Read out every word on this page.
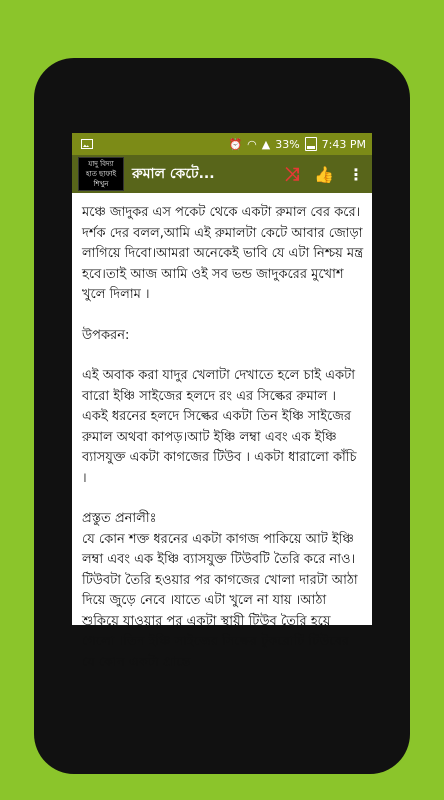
⏰ ◠ ▲ 33% 7:43 PM
যাদু বিদ্যা
হাত ছাফাই
শিখুন
রুমাল কেটে...	⤨ 👍 ⋮

মঞ্চে জাদুকর এস পকেট থেকে একটা রুমাল বের করে।দর্শক দের বলল,আমি এই রুমালটা কেটে আবার জোড়া লাগিয়ে দিবো।আমরা অনেকেই ভাবি যে এটা নিশ্চয় মন্ত্র হবে।তাই আজ আমি ওই সব ভন্ড জাদুকরের মুখোশ খুলে দিলাম ।

উপকরন:

এই অবাক করা যাদুর খেলাটা দেখাতে হলে চাই একটা বারো ইঞ্চি সাইজের হলদে রং এর সিল্কের রুমাল । একই ধরনের হলদে সিল্কের একটা তিন ইঞ্চি সাইজের রুমাল অথবা কাপড়।আট ইঞ্চি লম্বা এবং এক ইঞ্চি ব্যাসযুক্ত একটা কাগজের টিউব । একটা ধারালো কাঁচি ।

প্রস্তুত প্রনালীঃ

যে কোন শক্ত ধরনের একটা কাগজ পাকিয়ে আট ইঞ্চি লম্বা এবং এক ইঞ্চি ব্যাসযুক্ত টিউবটি তৈরি করে নাও।টিউবটা তৈরি হওয়ার পর কাগজের খোলা দারটা আঠা দিয়ে জুড়ে নেবে ।যাতে এটা খুলে না যায় ।আঠা শুকিয়ে যাওয়ার পর একটা স্থায়ী টিউব তৈরি হয়ে গেলো ।তিন ইঞ্চি সাইজের সিল্কের টুকরোটি টিউবের যে কোন একটা প্রান্তে
